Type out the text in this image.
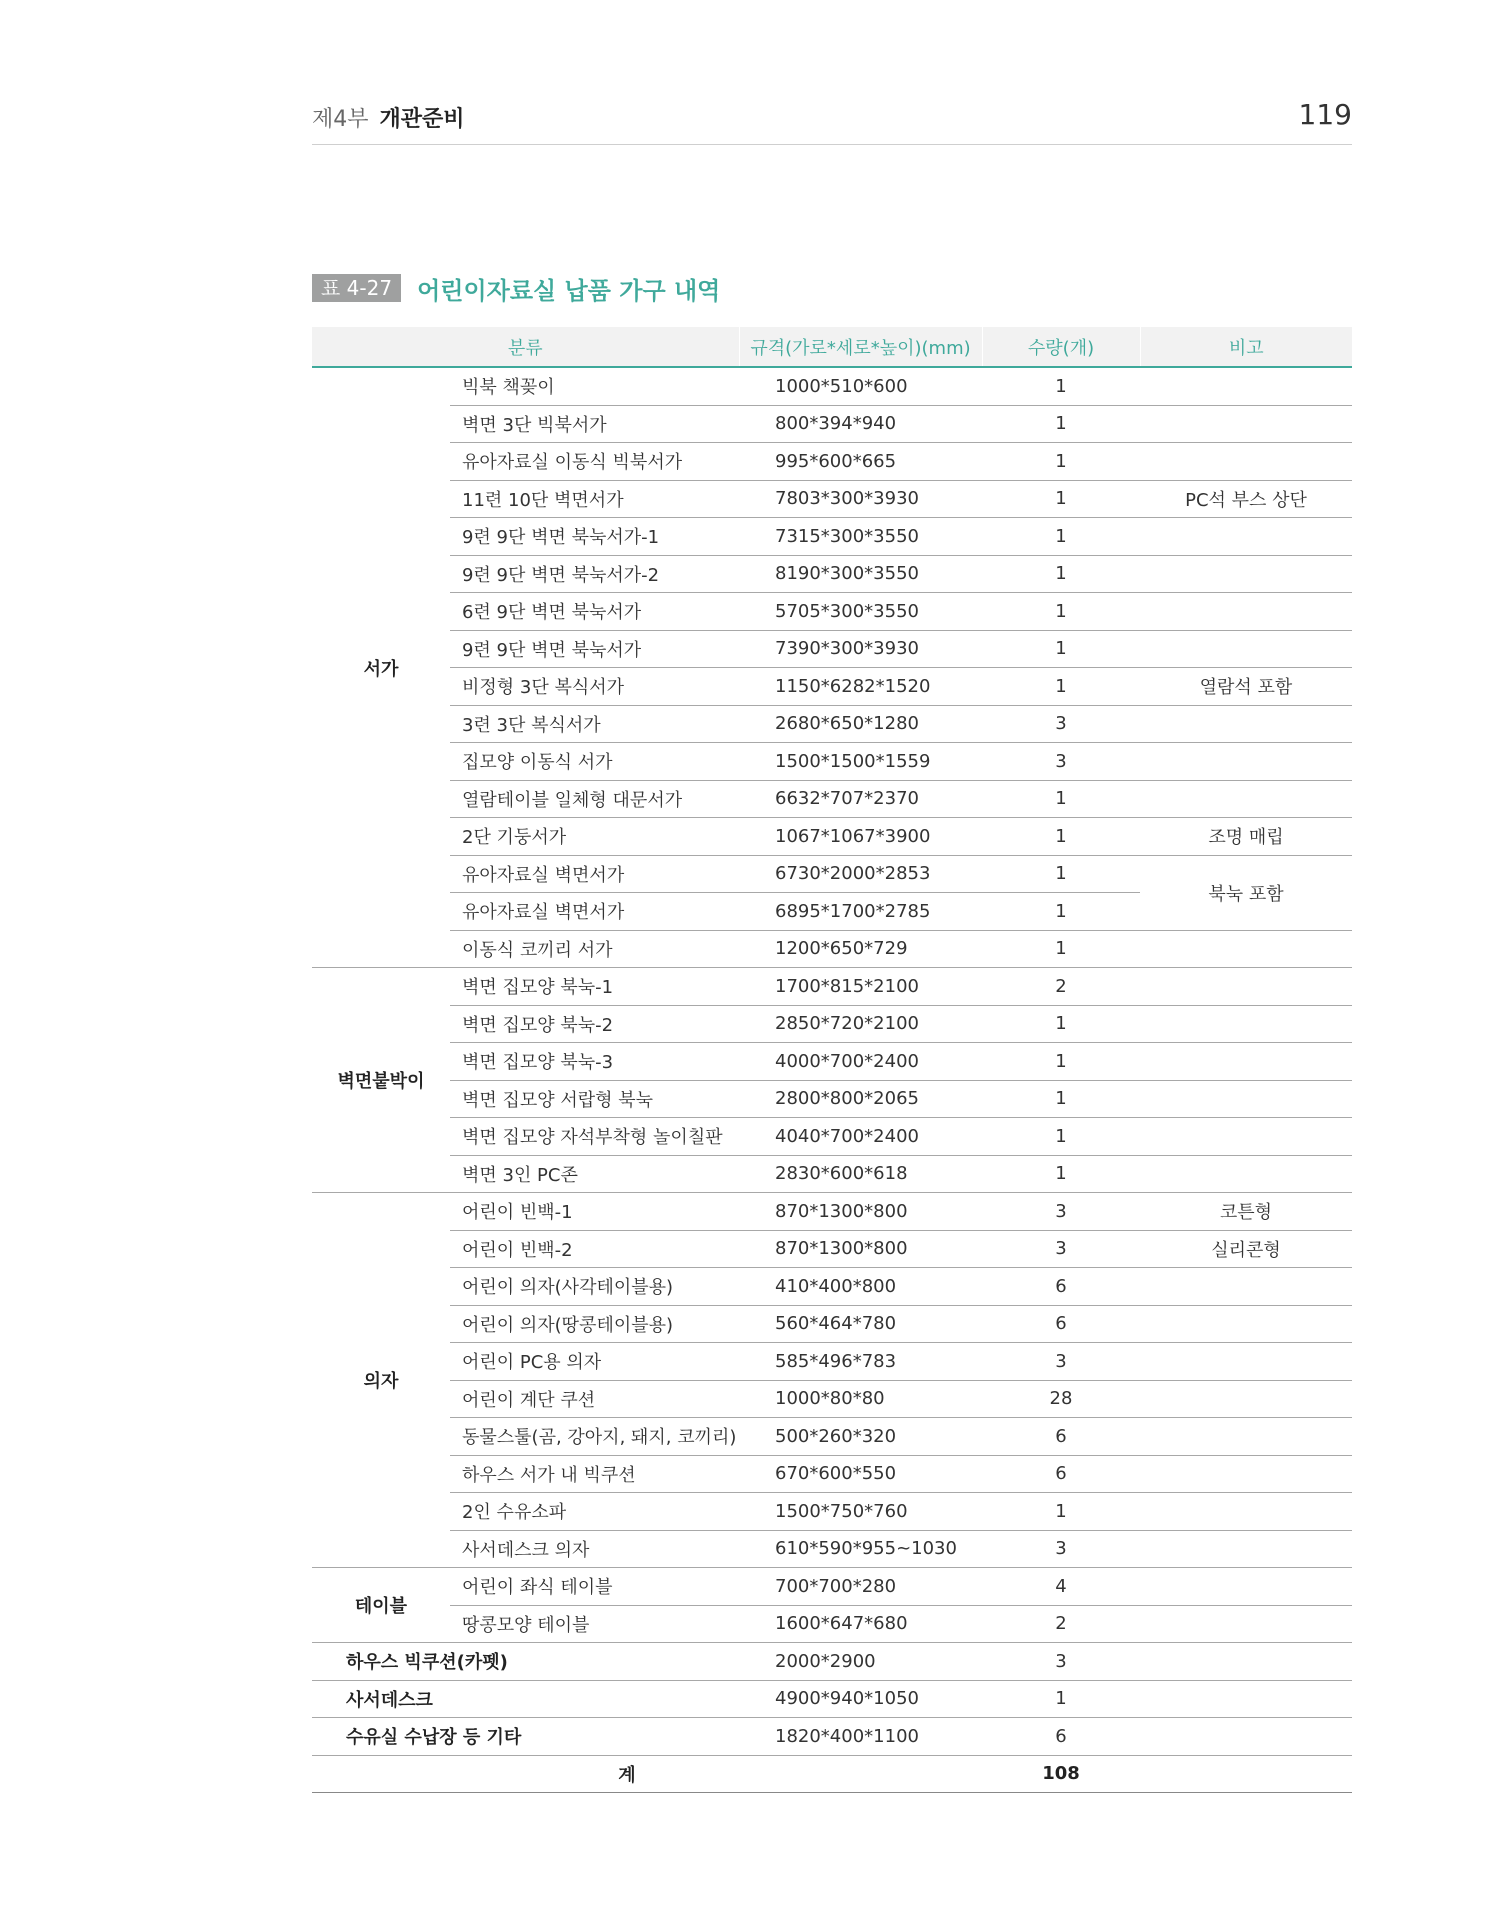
제4부 개관준비	119
표 4-27	어린이자료실 납품 가구 내역
분류		규격(가로*세로*높이)(mm)	수량(개)	비고
서가	빅북 책꽂이	1000*510*600	1	
	벽면 3단 빅북서가	800*394*940	1	
	유아자료실 이동식 빅북서가	995*600*665	1	
	11련 10단 벽면서가	7803*300*3930	1	PC석 부스 상단
	9련 9단 벽면 북눅서가-1	7315*300*3550	1	
	9련 9단 벽면 북눅서가-2	8190*300*3550	1	
	6련 9단 벽면 북눅서가	5705*300*3550	1	
	9련 9단 벽면 북눅서가	7390*300*3930	1	
	비정형 3단 복식서가	1150*6282*1520	1	열람석 포함
	3련 3단 복식서가	2680*650*1280	3	
	집모양 이동식 서가	1500*1500*1559	3	
	열람테이블 일체형 대문서가	6632*707*2370	1	
	2단 기둥서가	1067*1067*3900	1	조명 매립
	유아자료실 벽면서가	6730*2000*2853	1	북눅 포함
	유아자료실 벽면서가	6895*1700*2785	1	
	이동식 코끼리 서가	1200*650*729	1	
벽면붙박이	벽면 집모양 북눅-1	1700*815*2100	2	
	벽면 집모양 북눅-2	2850*720*2100	1	
	벽면 집모양 북눅-3	4000*700*2400	1	
	벽면 집모양 서랍형 북눅	2800*800*2065	1	
	벽면 집모양 자석부착형 놀이칠판	4040*700*2400	1	
	벽면 3인 PC존	2830*600*618	1	
의자	어린이 빈백-1	870*1300*800	3	코튼형
	어린이 빈백-2	870*1300*800	3	실리콘형
	어린이 의자(사각테이블용)	410*400*800	6	
	어린이 의자(땅콩테이블용)	560*464*780	6	
	어린이 PC용 의자	585*496*783	3	
	어린이 계단 쿠션	1000*80*80	28	
	동물스툴(곰, 강아지, 돼지, 코끼리)	500*260*320	6	
	하우스 서가 내 빅쿠션	670*600*550	6	
	2인 수유소파	1500*750*760	1	
	사서데스크 의자	610*590*955~1030	3	
테이블	어린이 좌식 테이블	700*700*280	4	
	땅콩모양 테이블	1600*647*680	2	
하우스 빅쿠션(카펫)		2000*2900	3	
사서데스크		4900*940*1050	1	
수유실 수납장 등 기타		1820*400*1100	6	
계			108	
